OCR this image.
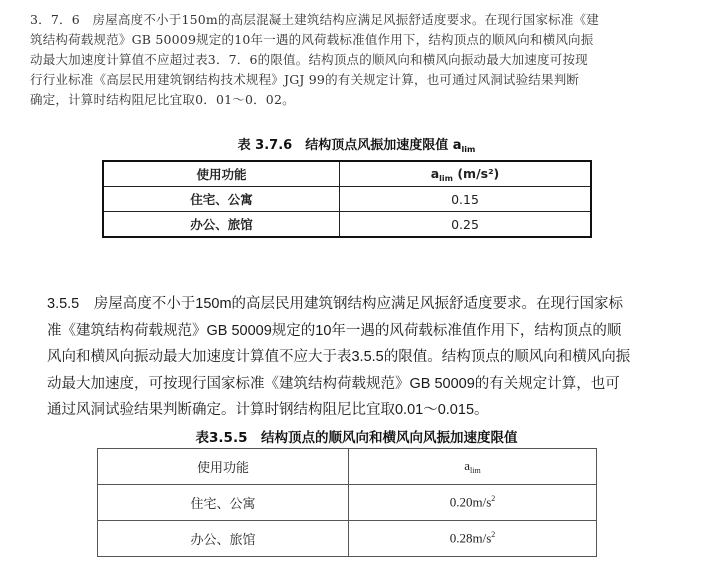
3．7．6　房屋高度不小于150m的高层混凝土建筑结构应满足风振舒适度要求。在现行国家标准《建
筑结构荷载规范》GB 50009规定的10年一遇的风荷载标准值作用下，结构顶点的顺风向和横风向振
动最大加速度计算值不应超过表3．7．6的限值。结构顶点的顺风向和横风向振动最大加速度可按现
行行业标准《高层民用建筑钢结构技术规程》JGJ 99的有关规定计算，也可通过风洞试验结果判断
确定，计算时结构阻尼比宜取0．01～0．02。
表 3.7.6　结构顶点风振加速度限值 $a_{lim}$
使用功能	$a_{lim}$ (m/s²)
住宅、公寓	0.15
办公、旅馆	0.25
3.5.5　房屋高度不小于150m的高层民用建筑钢结构应满足风振舒适度要求。在现行国家标
准《建筑结构荷载规范》GB 50009规定的10年一遇的风荷载标准值作用下，结构顶点的顺
风向和横风向振动最大加速度计算值不应大于表3.5.5的限值。结构顶点的顺风向和横风向振
动最大加速度，可按现行国家标准《建筑结构荷载规范》GB 50009的有关规定计算，也可
通过风洞试验结果判断确定。计算时钢结构阻尼比宜取0.01～0.015。
表3.5.5　结构顶点的顺风向和横风向风振加速度限值
使用功能	$a_{lim}$
住宅、公寓	$0.20m/s^2$
办公、旅馆	$0.28m/s^2$
